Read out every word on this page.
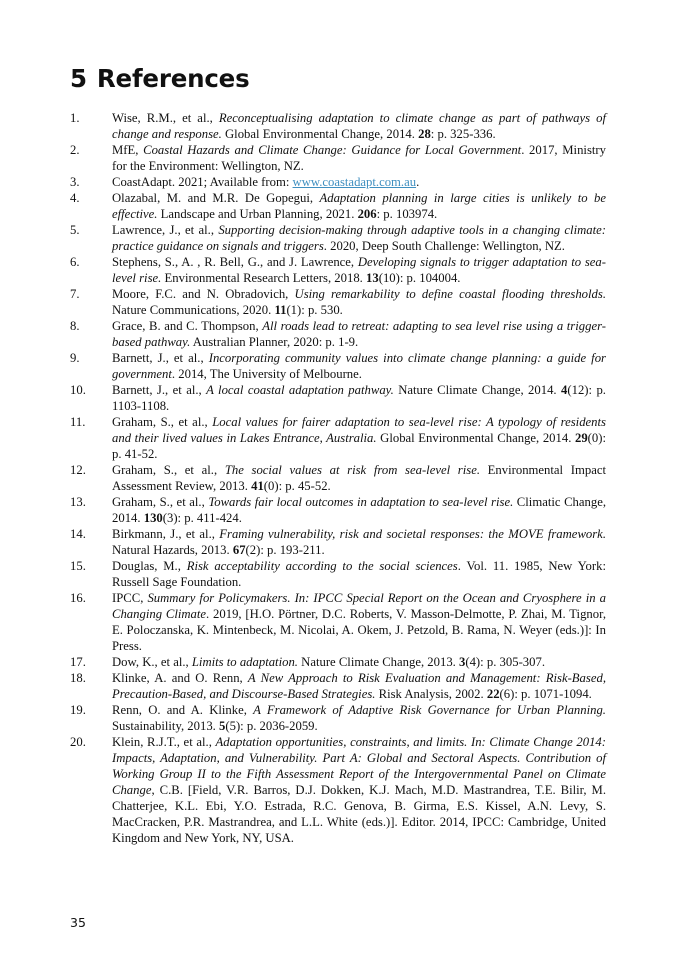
5 References
1.	Wise, R.M., et al., Reconceptualising adaptation to climate change as part of pathways of change and response. Global Environmental Change, 2014. 28: p. 325-336.
2.	MfE, Coastal Hazards and Climate Change: Guidance for Local Government. 2017, Ministry for the Environment: Wellington, NZ.
3.	CoastAdapt. 2021; Available from: www.coastadapt.com.au.
4.	Olazabal, M. and M.R. De Gopegui, Adaptation planning in large cities is unlikely to be effective. Landscape and Urban Planning, 2021. 206: p. 103974.
5.	Lawrence, J., et al., Supporting decision-making through adaptive tools in a changing climate: practice guidance on signals and triggers. 2020, Deep South Challenge: Wellington, NZ.
6.	Stephens, S., A. , R. Bell, G., and J. Lawrence, Developing signals to trigger adaptation to sea-level rise. Environmental Research Letters, 2018. 13(10): p. 104004.
7.	Moore, F.C. and N. Obradovich, Using remarkability to define coastal flooding thresholds. Nature Communications, 2020. 11(1): p. 530.
8.	Grace, B. and C. Thompson, All roads lead to retreat: adapting to sea level rise using a trigger-based pathway. Australian Planner, 2020: p. 1-9.
9.	Barnett, J., et al., Incorporating community values into climate change planning: a guide for government. 2014, The University of Melbourne.
10.	Barnett, J., et al., A local coastal adaptation pathway. Nature Climate Change, 2014. 4(12): p. 1103-1108.
11.	Graham, S., et al., Local values for fairer adaptation to sea-level rise: A typology of residents and their lived values in Lakes Entrance, Australia. Global Environmental Change, 2014. 29(0): p. 41-52.
12.	Graham, S., et al., The social values at risk from sea-level rise. Environmental Impact Assessment Review, 2013. 41(0): p. 45-52.
13.	Graham, S., et al., Towards fair local outcomes in adaptation to sea-level rise. Climatic Change, 2014. 130(3): p. 411-424.
14.	Birkmann, J., et al., Framing vulnerability, risk and societal responses: the MOVE framework. Natural Hazards, 2013. 67(2): p. 193-211.
15.	Douglas, M., Risk acceptability according to the social sciences. Vol. 11. 1985, New York: Russell Sage Foundation.
16.	IPCC, Summary for Policymakers. In: IPCC Special Report on the Ocean and Cryosphere in a Changing Climate. 2019, [H.O. Pörtner, D.C. Roberts, V. Masson-Delmotte, P. Zhai, M. Tignor, E. Poloczanska, K. Mintenbeck, M. Nicolai, A. Okem, J. Petzold, B. Rama, N. Weyer (eds.)]: In Press.
17.	Dow, K., et al., Limits to adaptation. Nature Climate Change, 2013. 3(4): p. 305-307.
18.	Klinke, A. and O. Renn, A New Approach to Risk Evaluation and Management: Risk-Based, Precaution-Based, and Discourse-Based Strategies. Risk Analysis, 2002. 22(6): p. 1071-1094.
19.	Renn, O. and A. Klinke, A Framework of Adaptive Risk Governance for Urban Planning. Sustainability, 2013. 5(5): p. 2036-2059.
20.	Klein, R.J.T., et al., Adaptation opportunities, constraints, and limits. In: Climate Change 2014: Impacts, Adaptation, and Vulnerability. Part A: Global and Sectoral Aspects. Contribution of Working Group II to the Fifth Assessment Report of the Intergovernmental Panel on Climate Change, C.B. [Field, V.R. Barros, D.J. Dokken, K.J. Mach, M.D. Mastrandrea, T.E. Bilir, M. Chatterjee, K.L. Ebi, Y.O. Estrada, R.C. Genova, B. Girma, E.S. Kissel, A.N. Levy, S. MacCracken, P.R. Mastrandrea, and L.L. White (eds.)]. Editor. 2014, IPCC: Cambridge, United Kingdom and New York, NY, USA.
35
